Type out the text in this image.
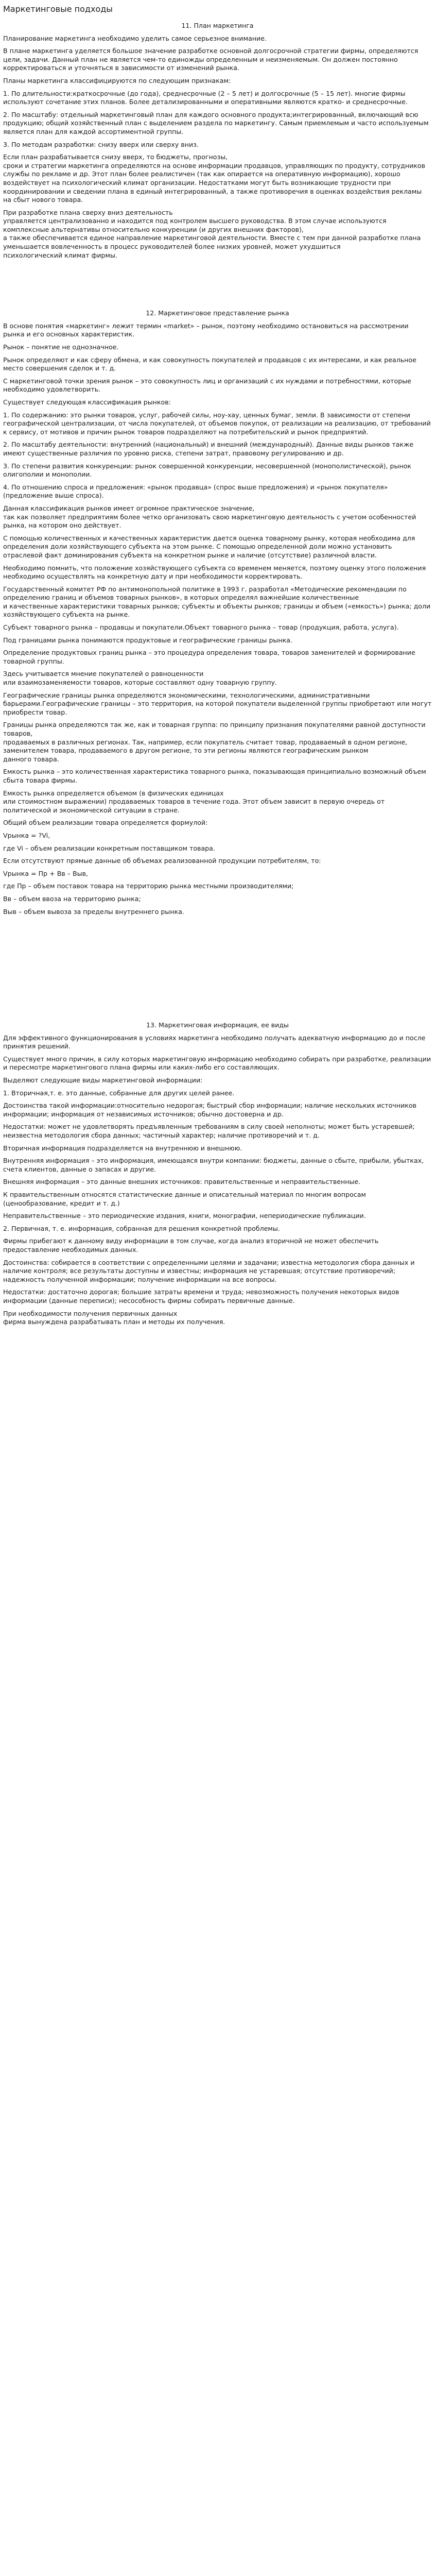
Маркетинговые подходы
11. План маркетинга

Планирование маркетинга необходимо уделить самое серьезное внимание.

В плане маркетинга уделяется большое значение разработке основной долгосрочной стратегии фирмы, определяются цели, задачи. Данный план не является чем-то единожды определенным и неизменяемым. Он должен постоянно корректироваться и уточняться в зависимости от изменений рынка.

Планы маркетинга классифицируются по следующим признакам:

1. По длительности:краткосрочные (до года), среднесрочные (2 – 5 лет) и долгосрочные (5 – 15 лет). многие фирмы используют сочетание этих планов. Более детализированными и оперативными являются кратко- и среднесрочные.

2. По масштабу: отдельный маркетинговый план для каждого основного продукта;интегрированный, включающий всю продукцию; общий хозяйственный план с выделением раздела по маркетингу. Самым приемлемым и часто используемым является план для каждой ассортиментной группы.

3. По методам разработки: снизу вверх или сверху вниз.

Если план разрабатывается снизу вверх, то бюджеты, прогнозы,
сроки и стратегии маркетинга определяются на основе информации продавцов, управляющих по продукту, сотрудников службы по рекламе и др. Этот план более реалистичен (так как опирается на оперативную информацию), хорошо воздействует на психологический климат организации. Недостатками могут быть возникающие трудности при координировании и сведении плана в единый интегрированный, а также противоречия в оценках воздействия рекламы на сбыт нового товара.

При разработке плана сверху вниз деятельность
управляется централизованно и находится под контролем высшего руководства. В этом случае используются комплексные альтернативы относительно конкуренции (и других внешних факторов),
а также обеспечивается единое направление маркетинговой деятельности. Вместе с тем при данной разработке плана уменьшается вовлеченность в процесс руководителей более низких уровней, может ухудшиться
психологический климат фирмы.

12. Маркетинговое представление рынка

В основе понятия «маркетинг» лежит термин «market» – рынок, поэтому необходимо остановиться на рассмотрении рынка и его основных характеристик.

Рынок – понятие не однозначное.

Рынок определяют и как сферу обмена, и как совокупность покупателей и продавцов с их интересами, и как реальное место совершения сделок и т. д.

С маркетинговой точки зрения рынок – это совокупность лиц и организаций с их нуждами и потребностями, которые необходимо удовлетворить.

Существует следующая классификация рынков:

1. По содержанию: это рынки товаров, услуг, рабочей силы, ноу-хау, ценных бумаг, земли. В зависимости от степени географической централизации, от числа покупателей, от объемов покупок, от реализации на реализацию, от требований к сервису, от мотивов и причин рынок товаров подразделяют на потребительский и рынок предприятий.

2. По масштабу деятельности: внутренний (национальный) и внешний (международный). Данные виды рынков также имеют существенные различия по уровню риска, степени затрат, правовому регулированию и др.

3. По степени развития конкуренции: рынок совершенной конкуренции, несовершенной (монополистической), рынок олигополии и монополии.

4. По отношению спроса и предложения: «рынок продавца» (спрос выше предложения) и «рынок покупателя» (предложение выше спроса).

Данная классификация рынков имеет огромное практическое значение,
так как позволяет предприятиям более четко организовать свою маркетинговую деятельность с учетом особенностей рынка, на котором оно действует.

С помощью количественных и качественных характеристик дается оценка товарному рынку, которая необходима для определения доли хозяйствующего субъекта на этом рынке. С помощью определенной доли можно установить отраслевой факт доминирования субъекта на конкретном рынке и наличие (отсутствие) различной власти.

Необходимо помнить, что положение хозяйствующего субъекта со временем меняется, поэтому оценку этого положения необходимо осуществлять на конкретную дату и при необходимости корректировать.

Государственный комитет РФ по антимонопольной политике в 1993 г. разработал «Методические рекомендации по определению границ и объемов товарных рынков», в которых определял важнейшие количественные
и качественные характеристики товарных рынков; субъекты и объекты рынков; границы и объем («емкость») рынка; доли хозяйствующего субъекта на рынке.

Субъект товарного рынка – продавцы и покупатели.Объект товарного рынка – товар (продукция, работа, услуга).

Под границами рынка понимаются продуктовые и географические границы рынка.

Определение продуктовых границ рынка – это процедура определения товара, товаров заменителей и формирование товарной группы.

Здесь учитывается мнение покупателей о равноценности
или взаимозаменяемости товаров, которые составляют одну товарную группу.

Географические границы рынка определяются экономическими, технологическими, административными барьерами.Географические границы – это территория, на которой покупатели выделенной группы приобретают или могут приобрести товар.

Границы рынка определяются так же, как и товарная группа: по принципу признания покупателями равной доступности товаров,
продаваемых в различных регионах. Так, например, если покупатель считает товар, продаваемый в одном регионе, заменителем товара, продаваемого в другом регионе, то эти регионы являются географическим рынком
данного товара.

Емкость рынка – это количественная характеристика товарного рынка, показывающая принципиально возможный объем сбыта товара фирмы.

Емкость рынка определяется объемом (в физических единицах
или стоимостном выражении) продаваемых товаров в течение года. Этот объем зависит в первую очередь от политической и экономической ситуации в стране.

Общий объем реализации товара определяется формулой:

Vрынка = ?Vi,

где Vi – объем реализации конкретным поставщиком товара.

Если отсутствуют прямые данные об объемах реализованной продукции потребителям, то:

Vрынка = Пр + Вв – Выв,

где Пр – объем поставок товара на территорию рынка местными производителями;

Вв – объем ввоза на территорию рынка;

Выв – объем вывоза за пределы внутреннего рынка.

13. Маркетинговая информация, ее виды

Для эффективного функционирования в условиях маркетинга необходимо получать адекватную информацию до и после принятия решений.

Существует много причин, в силу которых маркетинговую информацию необходимо собирать при разработке, реализации и пересмотре маркетингового плана фирмы или каких-либо его составляющих.

Выделяют следующие виды маркетинговой информации:

1. Вторичная,т. е. это данные, собранные для других целей ранее.

Достоинства такой информации:относительно недорогая; быстрый сбор информации; наличие нескольких источников информации; информация от независимых источников; обычно достоверна и др.

Недостатки: может не удовлетворять предъявленным требованиям в силу своей неполноты; может быть устаревшей; неизвестна методология сбора данных; частичный характер; наличие противоречий и т. д.

Вторичная информация подразделяется на внутреннюю и внешнюю.

Внутренняя информация – это информация, имеющаяся внутри компании: бюджеты, данные о сбыте, прибыли, убытках, счета клиентов, данные о запасах и другие.

Внешняя информация – это данные внешних источников: правительственные и неправительственные.

К правительственным относятся статистические данные и описательный материал по многим вопросам (ценообразование, кредит и т. д.)

Неправительственные – это периодические издания, книги, монографии, непериодические публикации.

2. Первичная, т. е. информация, собранная для решения конкретной проблемы.

Фирмы прибегают к данному виду информации в том случае, когда анализ вторичной не может обеспечить предоставление необходимых данных.

Достоинства: собирается в соответствии с определенными целями и задачами; известна методология сбора данных и наличие контроля; все результаты доступны и известны; информация не устаревшая; отсутствие противоречий; надежность полученной информации; получение информации на все вопросы.

Недостатки: достаточно дорогая; большие затраты времени и труда; невозможность получения некоторых видов информации (данные переписи); несособность фирмы собирать первичные данные.

При необходимости получения первичных данных
фирма вынуждена разрабатывать план и методы их получения.
